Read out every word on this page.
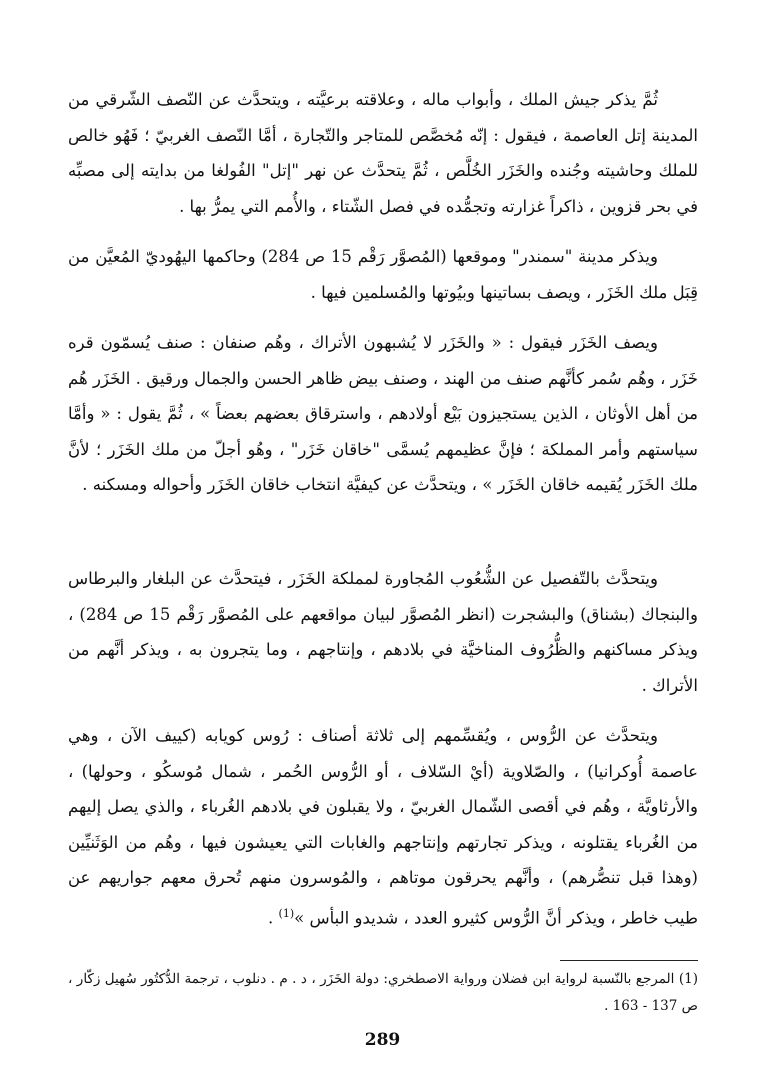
ثُمَّ يذكر جيش الملك ، وأبواب ماله ، وعلاقته برعيَّته ، ويتحدَّث عن النّصف الشّرقي من المدينة إتل العاصمة ، فيقول : إنّه مُخصَّص للمتاجر والتّجارة ، أمَّا النّصف الغربيّ ؛ فَهُو خالص للملك وحاشيته وجُنده والخَزَر الخُلَّص ، ثُمَّ يتحدَّث عن نهر "إتل" الفُولغا من بدايته إلى مصبِّه في بحر قزوين ، ذاكراً غزارته وتجمُّده في فصل الشّتاء ، والأُمم التي يمرُّ بها .

ويذكر مدينة "سمندر" وموقعها (المُصوَّر رَقْم 15 ص 284) وحاكمها اليهُوديّ المُعيَّن من قِبَل ملك الخَزَر ، ويصف بساتينها وبيُوتها والمُسلمين فيها .

ويصف الخَزَر فيقول : « والخَزَر لا يُشبهون الأتراك ، وهُم صنفان : صنف يُسمّون قره خَزَر ، وهُم سُمر كأنَّهم صنف من الهند ، وصنف بيض ظاهر الحسن والجمال ورقيق . الخَزَر هُم من أهل الأوثان ، الذين يستجيزون بَيْع أولادهم ، واسترقاق بعضهم بعضاً » ، ثُمَّ يقول : « وأمَّا سياستهم وأمر المملكة ؛ فإنَّ عظيمهم يُسمَّى "خاقان خَزَر" ، وهُو أجلّ من ملك الخَزَر ؛ لأنَّ ملك الخَزَر يُقيمه خاقان الخَزَر » ، ويتحدَّث عن كيفيَّة انتخاب خاقان الخَزَر وأحواله ومسكنه .

ويتحدَّث بالتّفصيل عن الشُّعُوب المُجاورة لمملكة الخَزَر ، فيتحدَّث عن البلغار والبرطاس والبنجاك (بشناق) والبشجرت (انظر المُصوَّر لبيان مواقعهم على المُصوَّر رَقْم 15 ص 284) ، ويذكر مساكنهم والظُّرُوف المناخيَّة في بلادهم ، وإنتاجهم ، وما يتجرون به ، ويذكر أنَّهم من الأتراك .

ويتحدَّث عن الرُّوس ، ويُقسِّمهم إلى ثلاثة أصناف : رُوس كويابه (كييف الآن ، وهي عاصمة أُوكرانيا) ، والصّلاوية (أيْ السّلاف ، أو الرُّوس الحُمر ، شمال مُوسكُو ، وحولها) ، والأرثاويَّة ، وهُم في أقصى الشّمال الغربيّ ، ولا يقبلون في بلادهم الغُرباء ، والذي يصل إليهم من الغُرباء يقتلونه ، ويذكر تجارتهم وإنتاجهم والغابات التي يعيشون فيها ، وهُم من الوَثَنيِّين (وهذا قبل تنصُّرهم) ، وأنَّهم يحرقون موتاهم ، والمُوسرون منهم تُحرق معهم جواريهم عن طيب خاطر ، ويذكر أنَّ الرُّوس كثيرو العدد ، شديدو البأس »$^{(1)}$ .

(1) المرجع بالنّسبة لرواية ابن فضلان ورواية الاصطخري: دولة الخَزَر ، د . م . دنلوب ، ترجمة الدُّكتُور سُهيل زكّار ، ص 137 - 163 .
289
